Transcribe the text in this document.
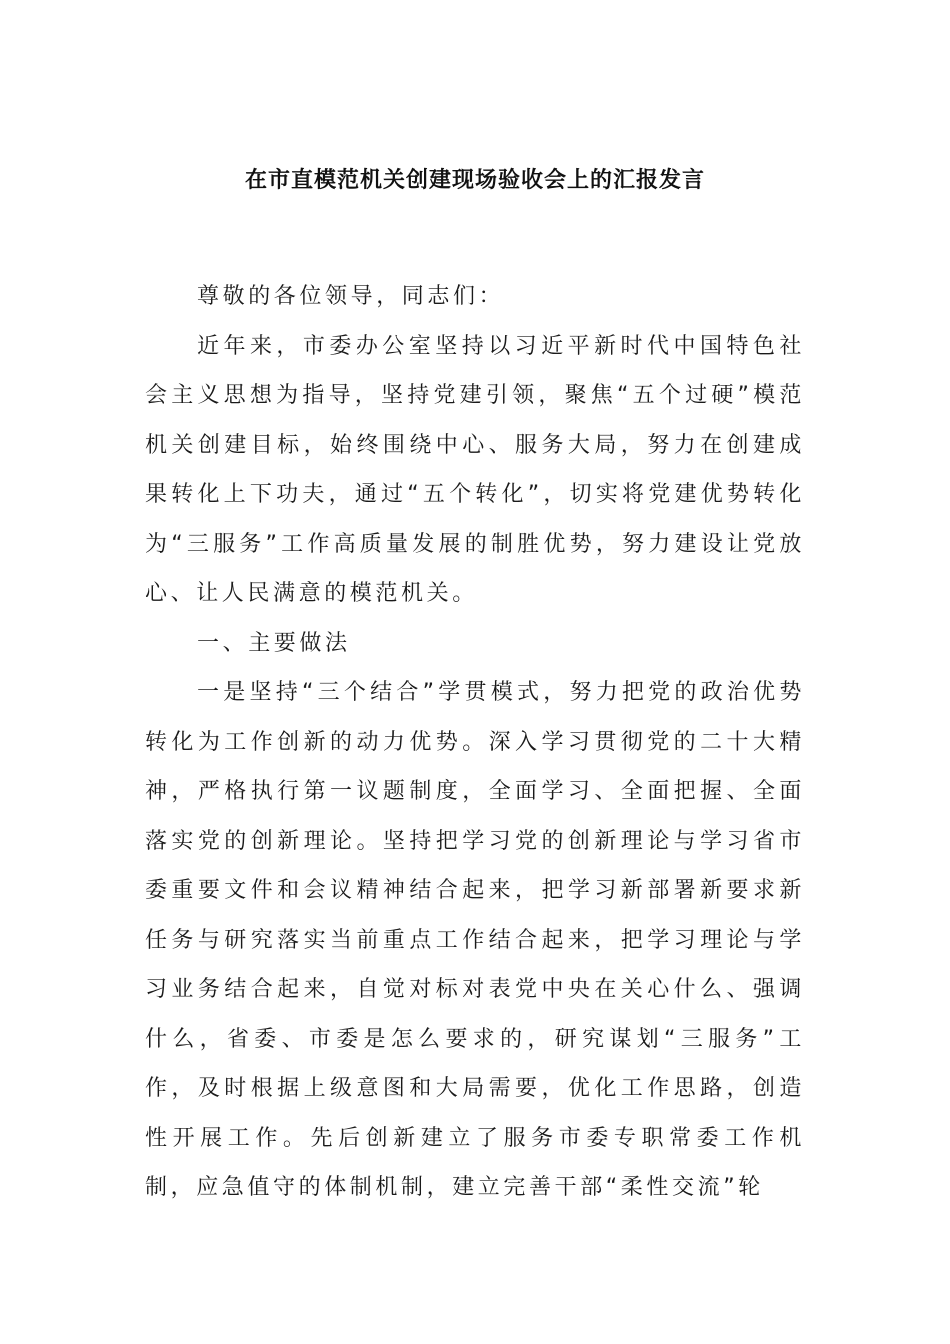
在市直模范机关创建现场验收会上的汇报发言

尊敬的各位领导，同志们：

近年来，市委办公室坚持以习近平新时代中国特色社会主义思想为指导，坚持党建引领，聚焦“五个过硬”模范机关创建目标，始终围绕中心、服务大局，努力在创建成果转化上下功夫，通过“五个转化”，切实将党建优势转化为“三服务”工作高质量发展的制胜优势，努力建设让党放心、让人民满意的模范机关。

一、主要做法

一是坚持“三个结合”学贯模式，努力把党的政治优势转化为工作创新的动力优势。深入学习贯彻党的二十大精神，严格执行第一议题制度，全面学习、全面把握、全面落实党的创新理论。坚持把学习党的创新理论与学习省市委重要文件和会议精神结合起来，把学习新部署新要求新任务与研究落实当前重点工作结合起来，把学习理论与学习业务结合起来，自觉对标对表党中央在关心什么、强调什么，省委、市委是怎么要求的，研究谋划“三服务”工作，及时根据上级意图和大局需要，优化工作思路，创造性开展工作。先后创新建立了服务市委专职常委工作机制，应急值守的体制机制，建立完善干部“柔性交流”轮
